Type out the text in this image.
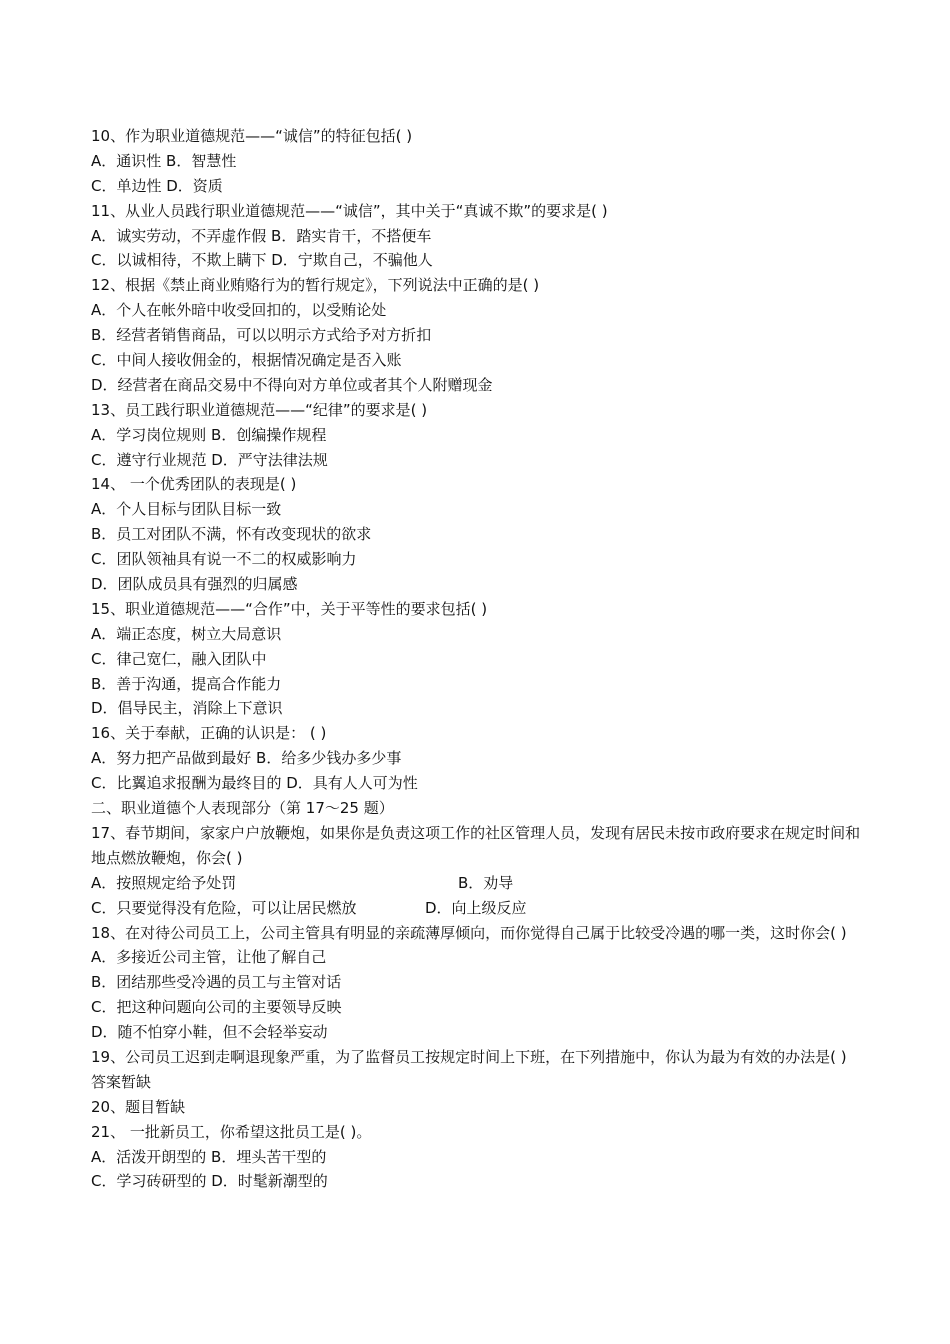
10、作为职业道德规范——“诚信”的特征包括( )
A．通识性 B．智慧性
C．单边性 D．资质
11、从业人员践行职业道德规范——“诚信”，其中关于“真诚不欺”的要求是( )
A．诚实劳动，不弄虚作假 B．踏实肯干，不搭便车
C．以诚相待，不欺上瞒下 D．宁欺自己，不骗他人
12、根据《禁止商业贿赂行为的暂行规定》，下列说法中正确的是( )
A．个人在帐外暗中收受回扣的，以受贿论处
B．经营者销售商品，可以以明示方式给予对方折扣
C．中间人接收佣金的，根据情况确定是否入账
D．经营者在商品交易中不得向对方单位或者其个人附赠现金
13、员工践行职业道德规范——“纪律”的要求是( )
A．学习岗位规则 B．创编操作规程
C．遵守行业规范 D．严守法律法规
14、 一个优秀团队的表现是( )
A．个人目标与团队目标一致
B．员工对团队不满，怀有改变现状的欲求
C．团队领袖具有说一不二的权威影响力
D．团队成员具有强烈的归属感
15、职业道德规范——“合作”中，关于平等性的要求包括( )
A．端正态度，树立大局意识
C．律己宽仁，融入团队中
B．善于沟通，提高合作能力
D．倡导民主，消除上下意识
16、关于奉献，正确的认识是： ( )
A．努力把产品做到最好 B．给多少钱办多少事
C．比翼追求报酬为最终目的 D．具有人人可为性
二、职业道德个人表现部分（第 17～25 题）
17、春节期间，家家户户放鞭炮，如果你是负责这项工作的社区管理人员，发现有居民未按市政府要求在规定时间和地点燃放鞭炮，你会( )
A．按照规定给予处罚	B．劝导
C．只要觉得没有危险，可以让居民燃放	D．向上级反应
18、在对待公司员工上，公司主管具有明显的亲疏薄厚倾向，而你觉得自己属于比较受冷遇的哪一类，这时你会( )
A．多接近公司主管，让他了解自己
B．团结那些受冷遇的员工与主管对话
C．把这种问题向公司的主要领导反映
D．随不怕穿小鞋，但不会轻举妄动
19、公司员工迟到走啊退现象严重，为了监督员工按规定时间上下班，在下列措施中，你认为最为有效的办法是( )
答案暂缺
20、题目暂缺
21、 一批新员工，你希望这批员工是( )。
A．活泼开朗型的 B．埋头苦干型的
C．学习砖研型的 D．时髦新潮型的
